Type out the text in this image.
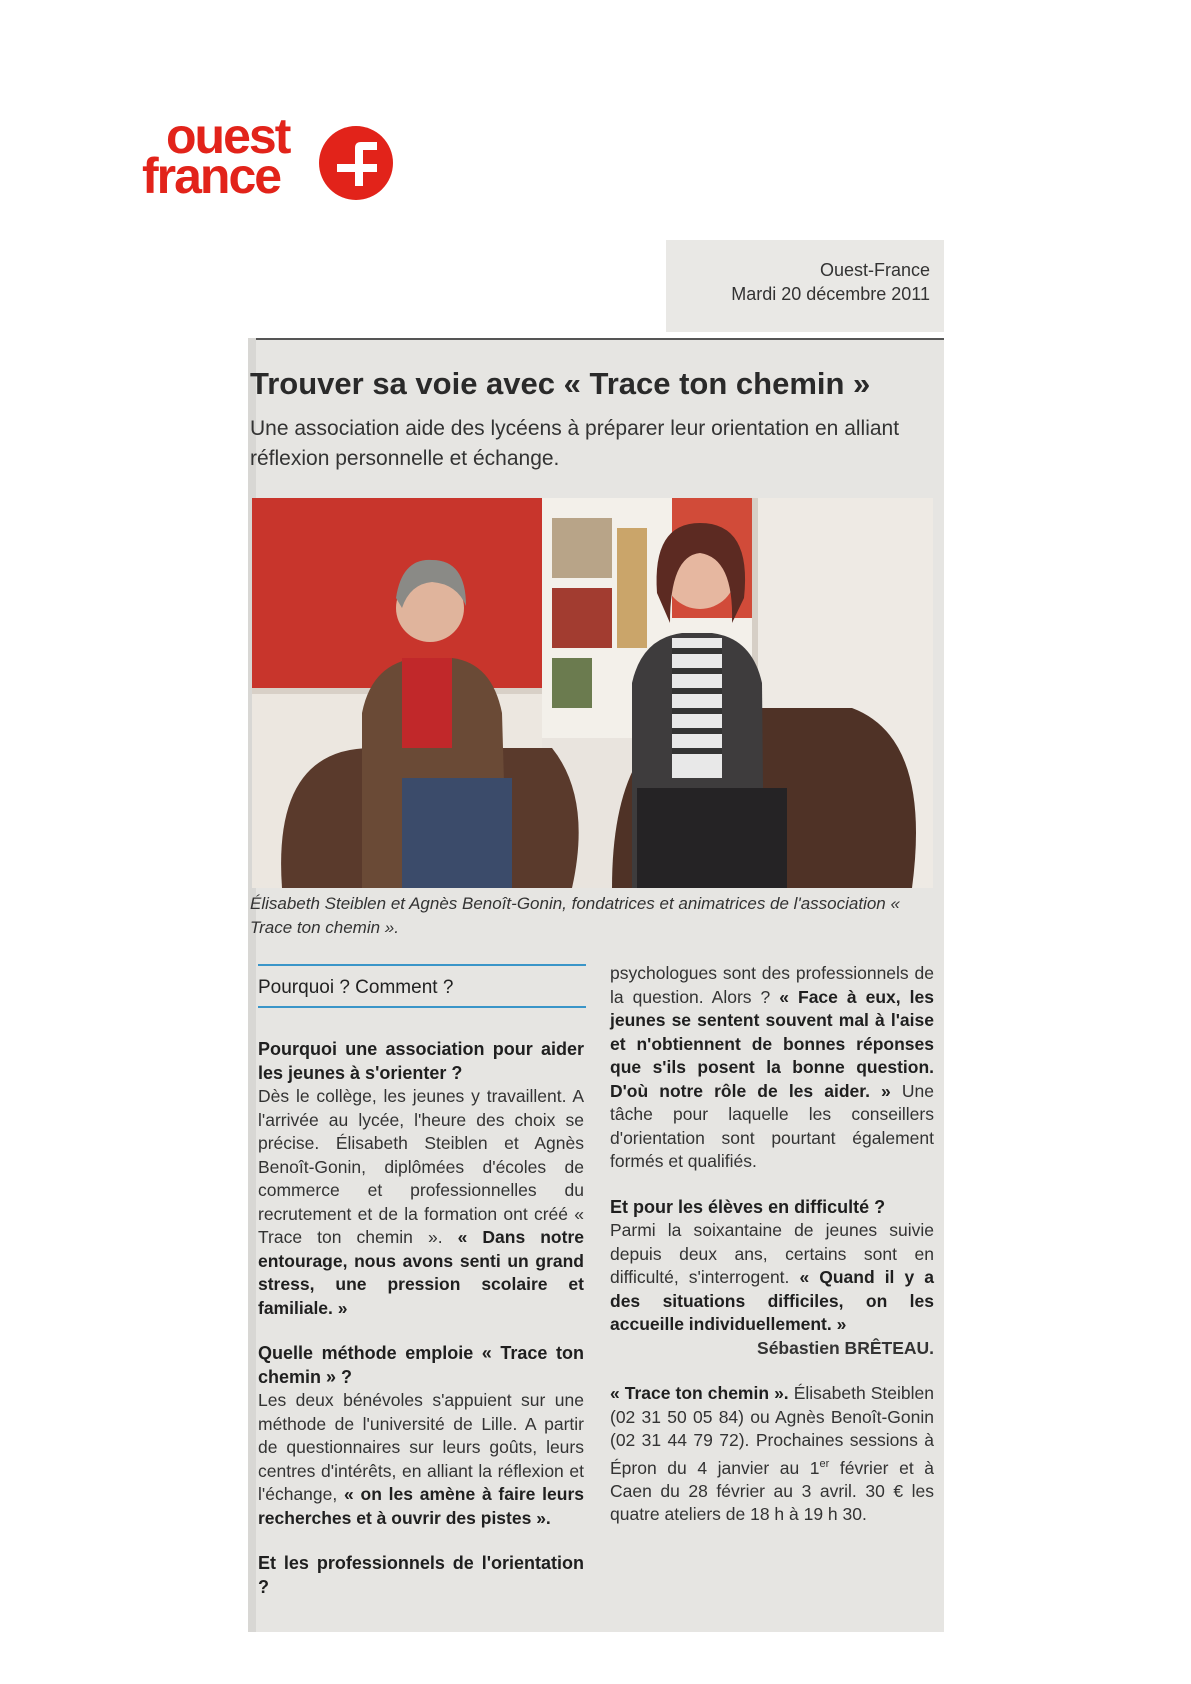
ouest
france
Ouest-France
Mardi 20 décembre 2011
Trouver sa voie avec « Trace ton chemin »
Une association aide des lycéens à préparer leur orientation en alliant réflexion personnelle et échange.
Élisabeth Steiblen et Agnès Benoît-Gonin, fondatrices et animatrices de l'association « Trace ton chemin ».
Pourquoi ? Comment ?

Pourquoi une association pour aider les jeunes à s'orienter ?

Dès le collège, les jeunes y travaillent. A l'arrivée au lycée, l'heure des choix se précise. Élisabeth Steiblen et Agnès Benoît-Gonin, diplômées d'écoles de commerce et professionnelles du recrutement et de la formation ont créé « Trace ton chemin ». « Dans notre entourage, nous avons senti un grand stress, une pression scolaire et familiale. »

Quelle méthode emploie « Trace ton chemin » ?

Les deux bénévoles s'appuient sur une méthode de l'université de Lille. A partir de questionnaires sur leurs goûts, leurs centres d'intérêts, en alliant la réflexion et l'échange, « on les amène à faire leurs recherches et à ouvrir des pistes ».

Et les professionnels de l'orientation ?

psychologues sont des professionnels de la question. Alors ? « Face à eux, les jeunes se sentent souvent mal à l'aise et n'obtiennent de bonnes réponses que s'ils posent la bonne question. D'où notre rôle de les aider. » Une tâche pour laquelle les conseillers d'orientation sont pourtant également formés et qualifiés.

Et pour les élèves en difficulté ?

Parmi la soixantaine de jeunes suivie depuis deux ans, certains sont en difficulté, s'interrogent. « Quand il y a des situations difficiles, on les accueille individuellement. »

Sébastien BRÊTEAU.

« Trace ton chemin ». Élisabeth Steiblen (02 31 50 05 84) ou Agnès Benoît-Gonin (02 31 44 79 72). Prochaines sessions à Épron du 4 janvier au 1er février et à Caen du 28 février au 3 avril. 30 € les quatre ateliers de 18 h à 19 h 30.
